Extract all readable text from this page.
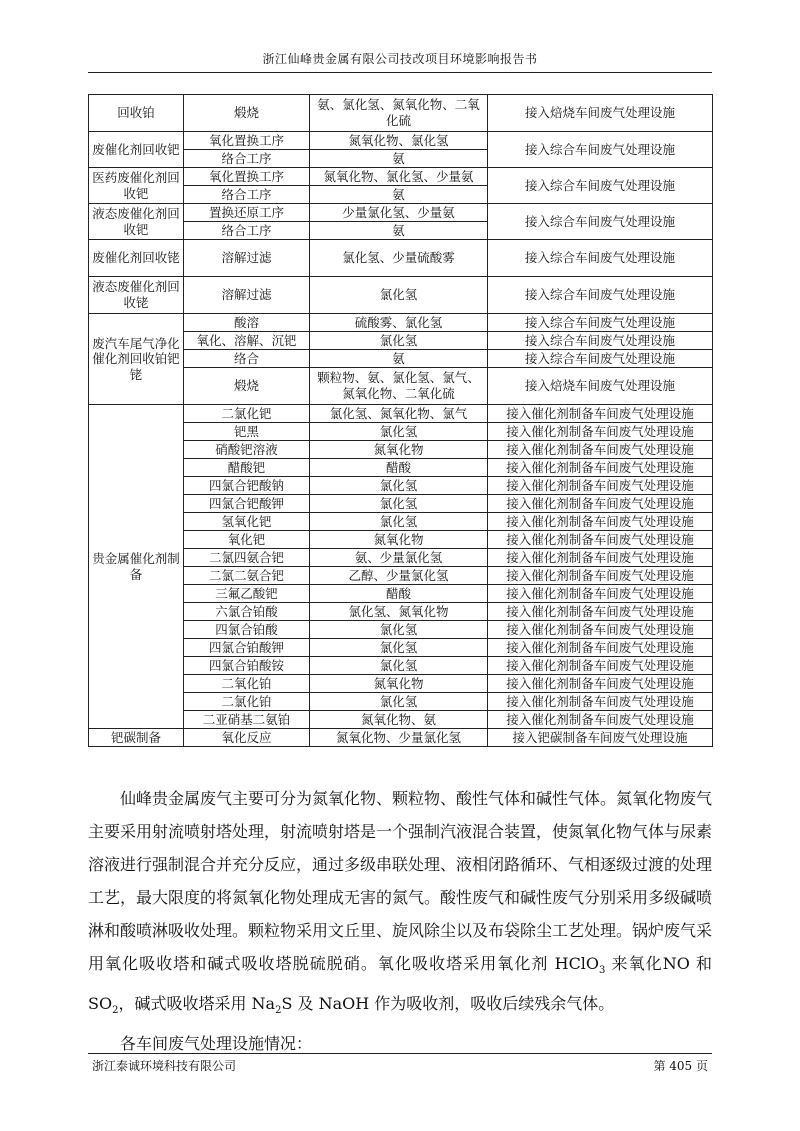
浙江仙峰贵金属有限公司技改项目环境影响报告书
回收铂	煅烧	氨、氯化氢、氮氧化物、二氧化硫	接入焙烧车间废气处理设施
废催化剂回收钯	氧化置换工序	氮氧化物、氯化氢	接入综合车间废气处理设施
	络合工序	氨	
医药废催化剂回收钯	氧化置换工序	氮氧化物、氯化氢、少量氨	接入综合车间废气处理设施
	络合工序	氨	
液态废催化剂回收钯	置换还原工序	少量氯化氢、少量氨	接入综合车间废气处理设施
	络合工序	氨	
废催化剂回收铑	溶解过滤	氯化氢、少量硫酸雾	接入综合车间废气处理设施
液态废催化剂回收铑	溶解过滤	氯化氢	接入综合车间废气处理设施
废汽车尾气净化催化剂回收铂钯铑	酸溶	硫酸雾、氯化氢	接入综合车间废气处理设施
	氧化、溶解、沉钯	氯化氢	接入综合车间废气处理设施
	络合	氨	接入综合车间废气处理设施
	煅烧	颗粒物、氨、氯化氢、氯气、氮氧化物、二氧化硫	接入焙烧车间废气处理设施
贵金属催化剂制备	二氯化钯	氯化氢、氮氧化物、氯气	接入催化剂制备车间废气处理设施
	钯黑	氯化氢	接入催化剂制备车间废气处理设施
	硝酸钯溶液	氮氧化物	接入催化剂制备车间废气处理设施
	醋酸钯	醋酸	接入催化剂制备车间废气处理设施
	四氯合钯酸钠	氯化氢	接入催化剂制备车间废气处理设施
	四氯合钯酸钾	氯化氢	接入催化剂制备车间废气处理设施
	氢氧化钯	氯化氢	接入催化剂制备车间废气处理设施
	氧化钯	氮氧化物	接入催化剂制备车间废气处理设施
	二氯四氨合钯	氨、少量氯化氢	接入催化剂制备车间废气处理设施
	二氯二氨合钯	乙醇、少量氯化氢	接入催化剂制备车间废气处理设施
	三氟乙酸钯	醋酸	接入催化剂制备车间废气处理设施
	六氯合铂酸	氯化氢、氮氧化物	接入催化剂制备车间废气处理设施
	四氯合铂酸	氯化氢	接入催化剂制备车间废气处理设施
	四氯合铂酸钾	氯化氢	接入催化剂制备车间废气处理设施
	四氯合铂酸铵	氯化氢	接入催化剂制备车间废气处理设施
	二氧化铂	氮氧化物	接入催化剂制备车间废气处理设施
	二氯化铂	氯化氢	接入催化剂制备车间废气处理设施
	二亚硝基二氨铂	氮氧化物、氨	接入催化剂制备车间废气处理设施
钯碳制备	氧化反应	氮氧化物、少量氯化氢	接入钯碳制备车间废气处理设施

仙峰贵金属废气主要可分为氮氧化物、颗粒物、酸性气体和碱性气体。氮氧化物废气主要采用射流喷射塔处理，射流喷射塔是一个强制汽液混合装置，使氮氧化物气体与尿素溶液进行强制混合并充分反应，通过多级串联处理、液相闭路循环、气相逐级过渡的处理工艺，最大限度的将氮氧化物处理成无害的氮气。酸性废气和碱性废气分别采用多级碱喷淋和酸喷淋吸收处理。颗粒物采用文丘里、旋风除尘以及布袋除尘工艺处理。锅炉废气采用氧化吸收塔和碱式吸收塔脱硫脱硝。氧化吸收塔采用氧化剂 HClO$_3$ 来氧化NO 和 $SO_2$，碱式吸收塔采用 $Na_2S$ 及 NaOH 作为吸收剂，吸收后续残余气体。

各车间废气处理设施情况：

浙江泰诚环境科技有限公司	第 405 页
